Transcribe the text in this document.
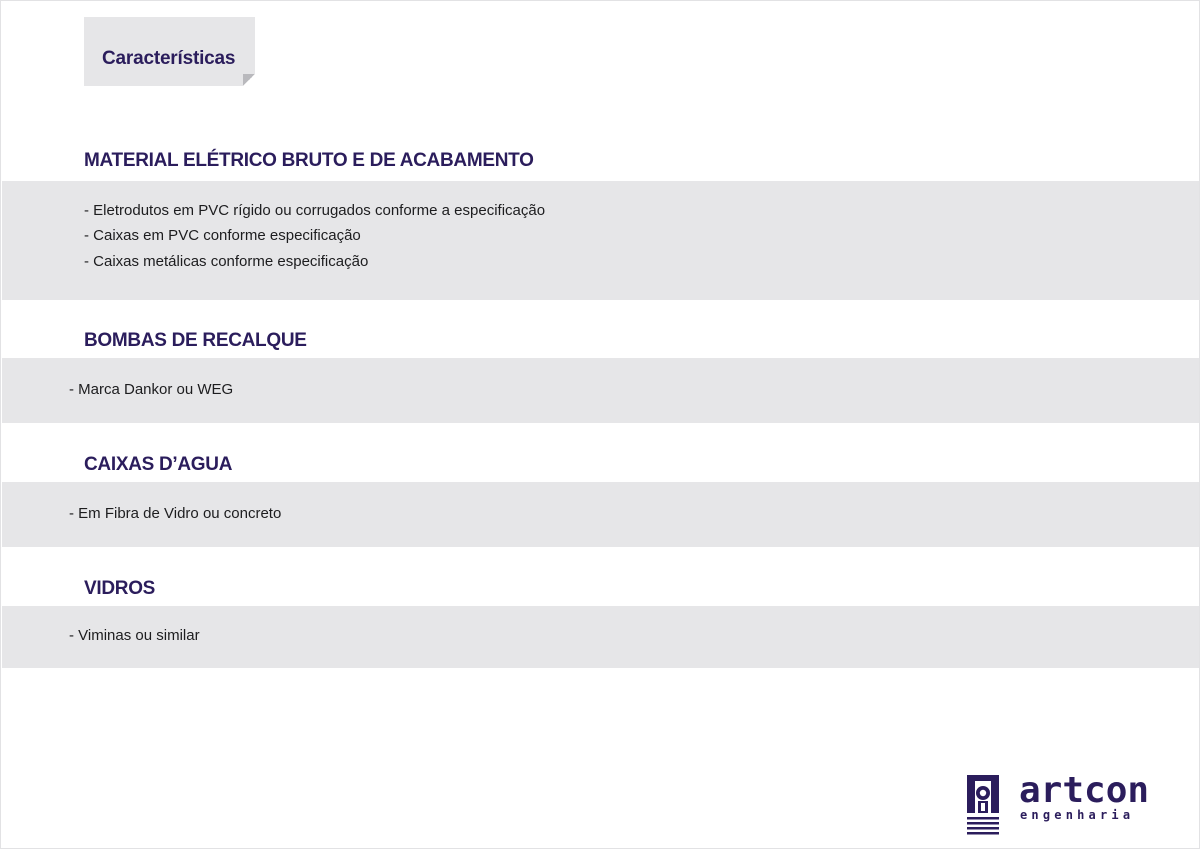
Características
MATERIAL ELÉTRICO BRUTO E DE ACABAMENTO
- Eletrodutos em PVC rígido ou corrugados conforme a especificação
- Caixas em PVC conforme especificação
- Caixas metálicas conforme especificação
BOMBAS DE RECALQUE
- Marca Dankor ou WEG
CAIXAS D’AGUA
- Em Fibra de Vidro ou concreto
VIDROS
- Viminas ou similar
artcon
engenharia
